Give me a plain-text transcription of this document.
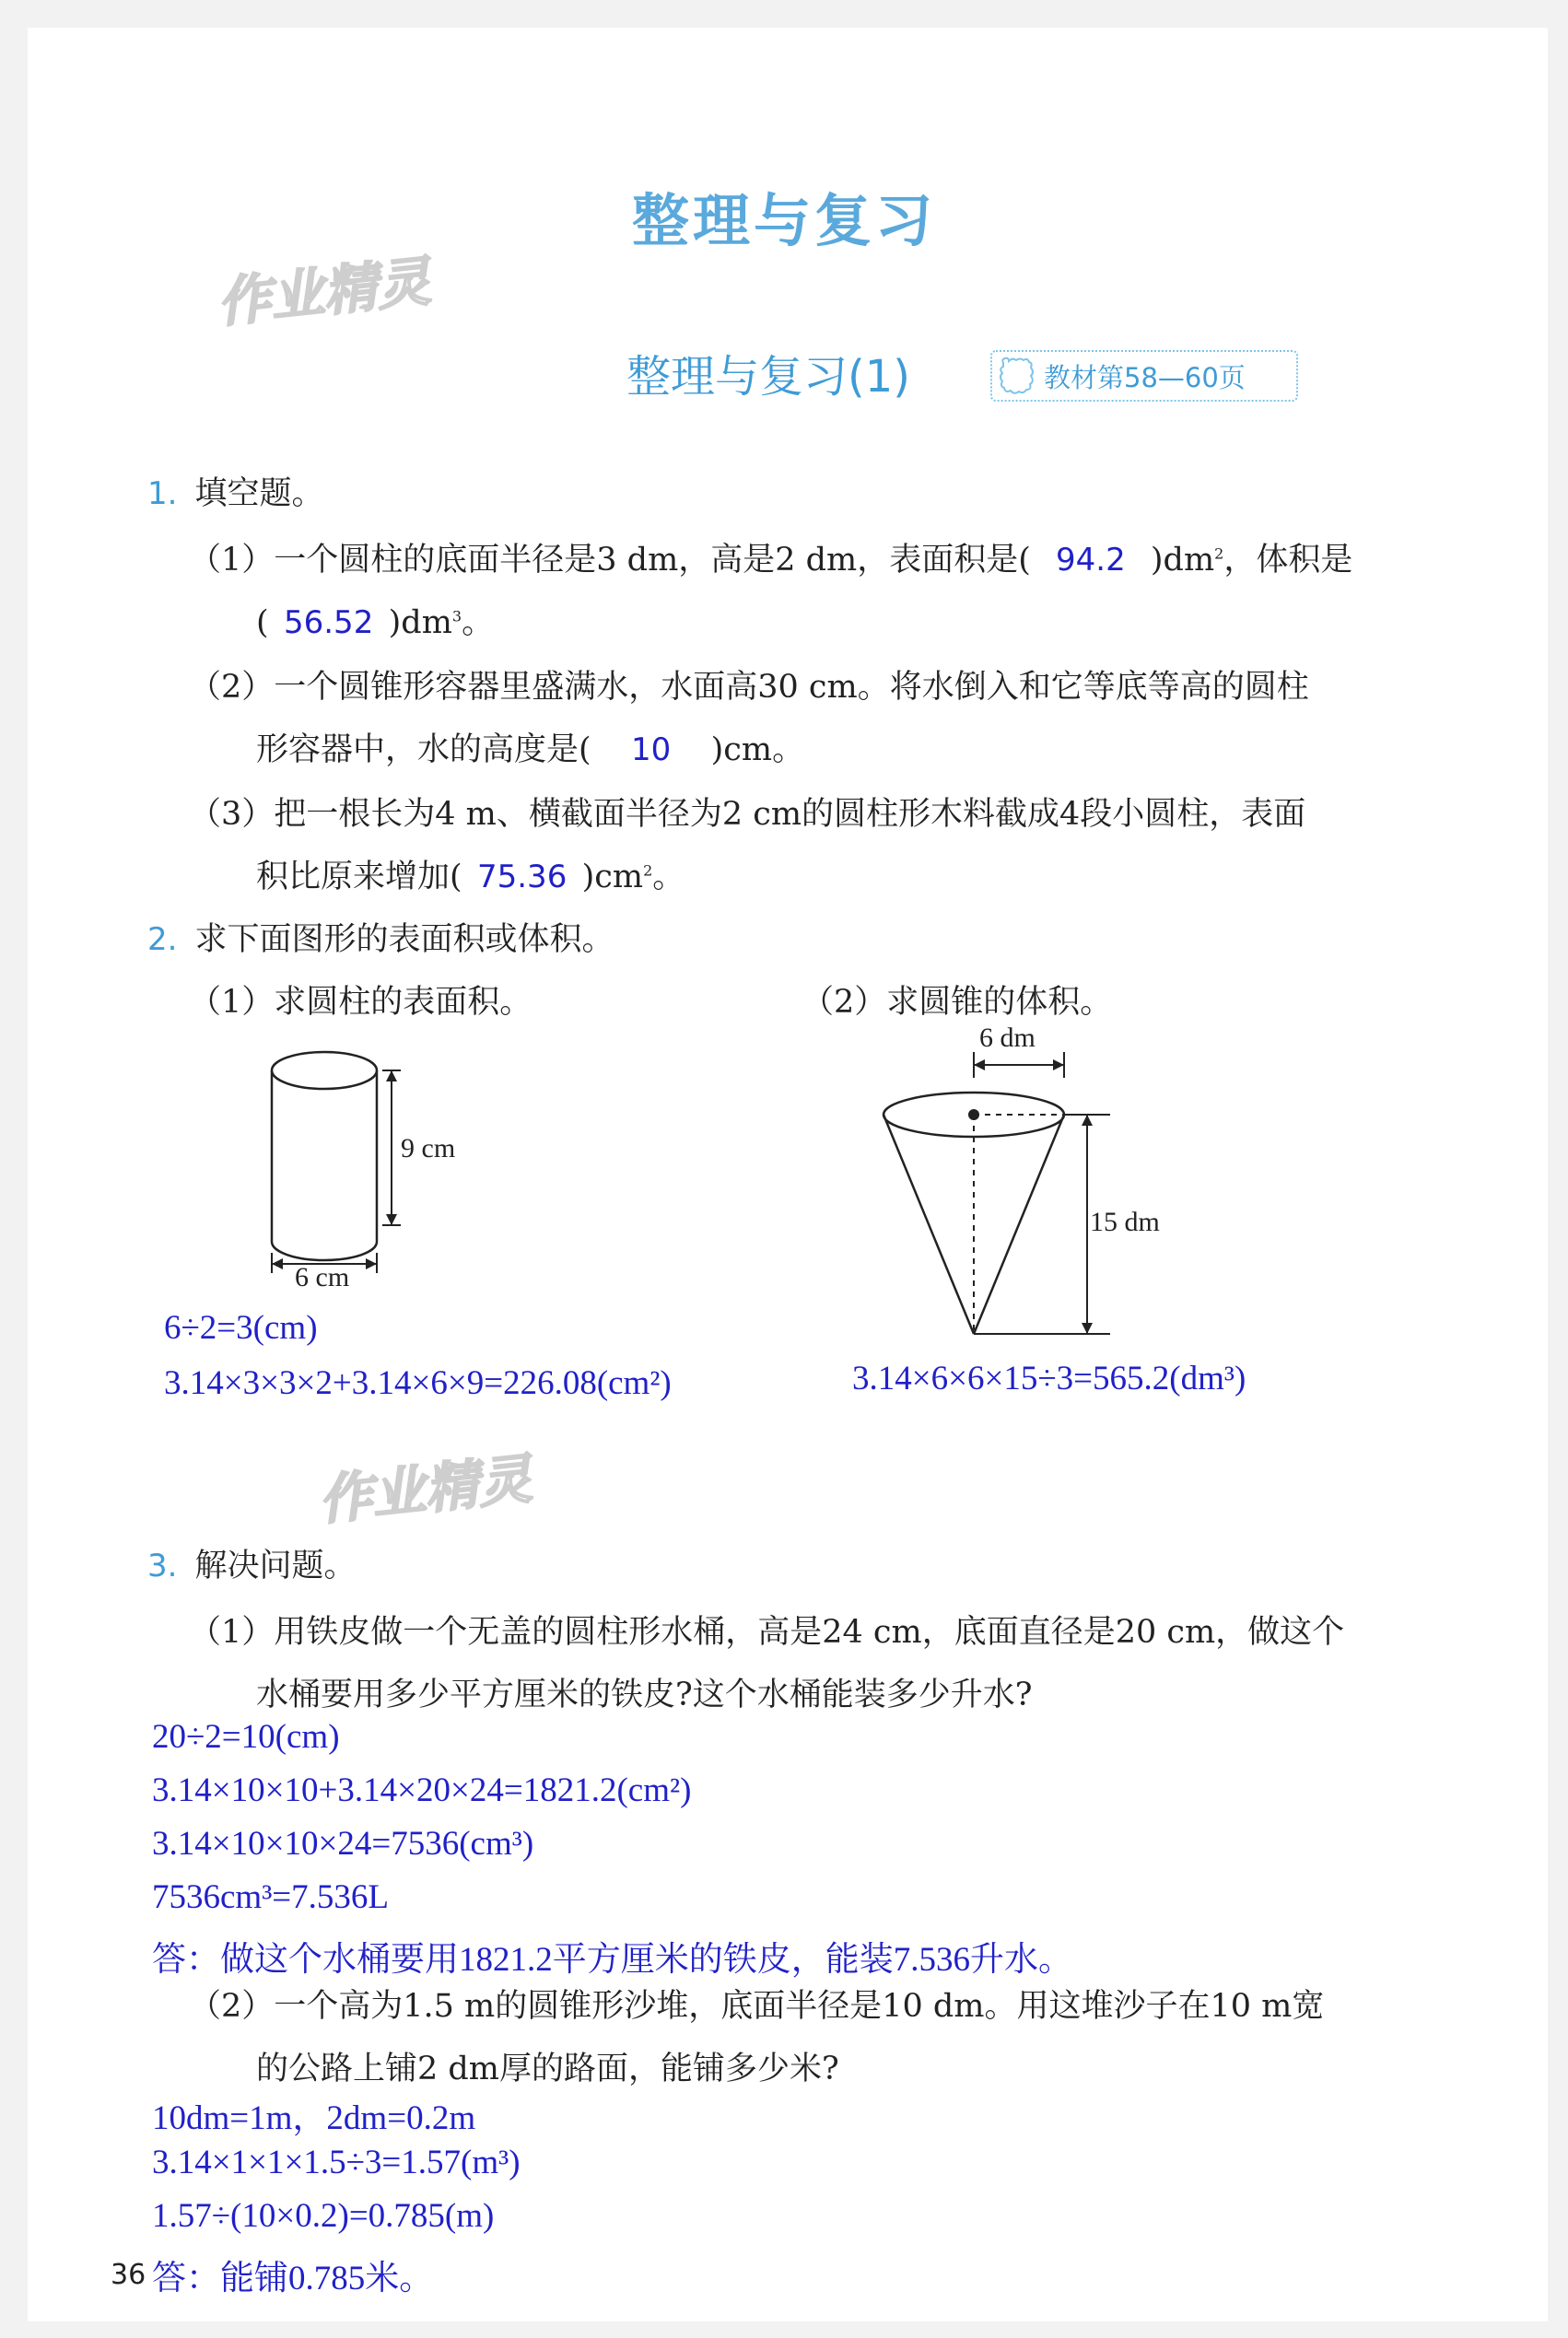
整理与复习
作业精灵
整理与复习(1)	教材第58—60页
1. 填空题。
（1）一个圆柱的底面半径是3 dm，高是2 dm，表面积是( 94.2 )$dm^2$，体积是
( 56.52 )$dm^3$。
（2）一个圆锥形容器里盛满水，水面高30 cm。将水倒入和它等底等高的圆柱
形容器中，水的高度是( 10 )cm。
（3）把一根长为4 m、横截面半径为2 cm的圆柱形木料截成4段小圆柱，表面
积比原来增加( 75.36 )$cm^2$。
2. 求下面图形的表面积或体积。
（1）求圆柱的表面积。	（2）求圆锥的体积。
9 cm
6 cm
6÷2=3(cm)
3.14×3×3×2+3.14×6×9=226.08(cm²)
6 dm
15 dm
3.14×6×6×15÷3=565.2(dm³)
作业精灵
3. 解决问题。
（1）用铁皮做一个无盖的圆柱形水桶，高是24 cm，底面直径是20 cm，做这个
水桶要用多少平方厘米的铁皮?这个水桶能装多少升水?
20÷2=10(cm)
3.14×10×10+3.14×20×24=1821.2(cm²)
3.14×10×10×24=7536(cm³)
7536cm³=7.536L
答：做这个水桶要用1821.2平方厘米的铁皮，能装7.536升水。
（2）一个高为1.5 m的圆锥形沙堆，底面半径是10 dm。用这堆沙子在10 m宽
的公路上铺2 dm厚的路面，能铺多少米?
10dm=1m，2dm=0.2m
3.14×1×1×1.5÷3=1.57(m³)
1.57÷(10×0.2)=0.785(m)
答：能铺0.785米。
36
